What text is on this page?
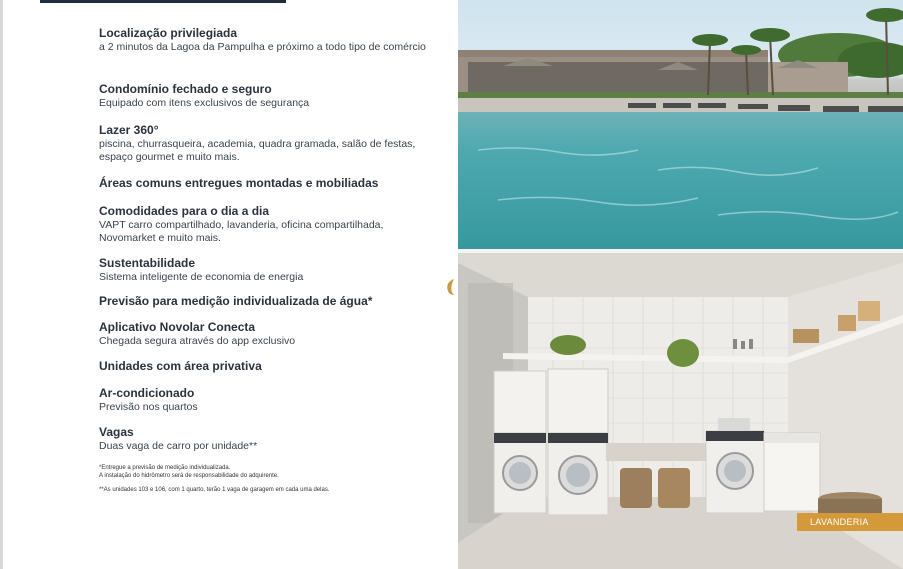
Localização privilegiada
a 2 minutos da Lagoa da Pampulha e próximo a todo tipo de comércio
Condomínio fechado e seguro
Equipado com itens exclusivos de segurança
Lazer 360°
piscina, churrasqueira, academia, quadra gramada, salão de festas, espaço gourmet e muito mais.
Áreas comuns entregues montadas e mobiliadas
Comodidades para o dia a dia
VAPT carro compartilhado, lavanderia, oficina compartilhada, Novomarket e muito mais.
Sustentabilidade
Sistema inteligente de economia de energia
Previsão para medição individualizada de água*
Aplicativo Novolar Conecta
Chegada segura através do app exclusivo
Unidades com área privativa
Ar-condicionado
Previsão nos quartos
Vagas
Duas vaga de carro por unidade**
*Entregue a previsão de medição individualizada.
A instalação do hidrômetro será de responsabilidade do adquirente.
**As unidades 103 e 106, com 1 quarto, terão 1 vaga de garagem em cada uma delas.
LAVANDERIA
